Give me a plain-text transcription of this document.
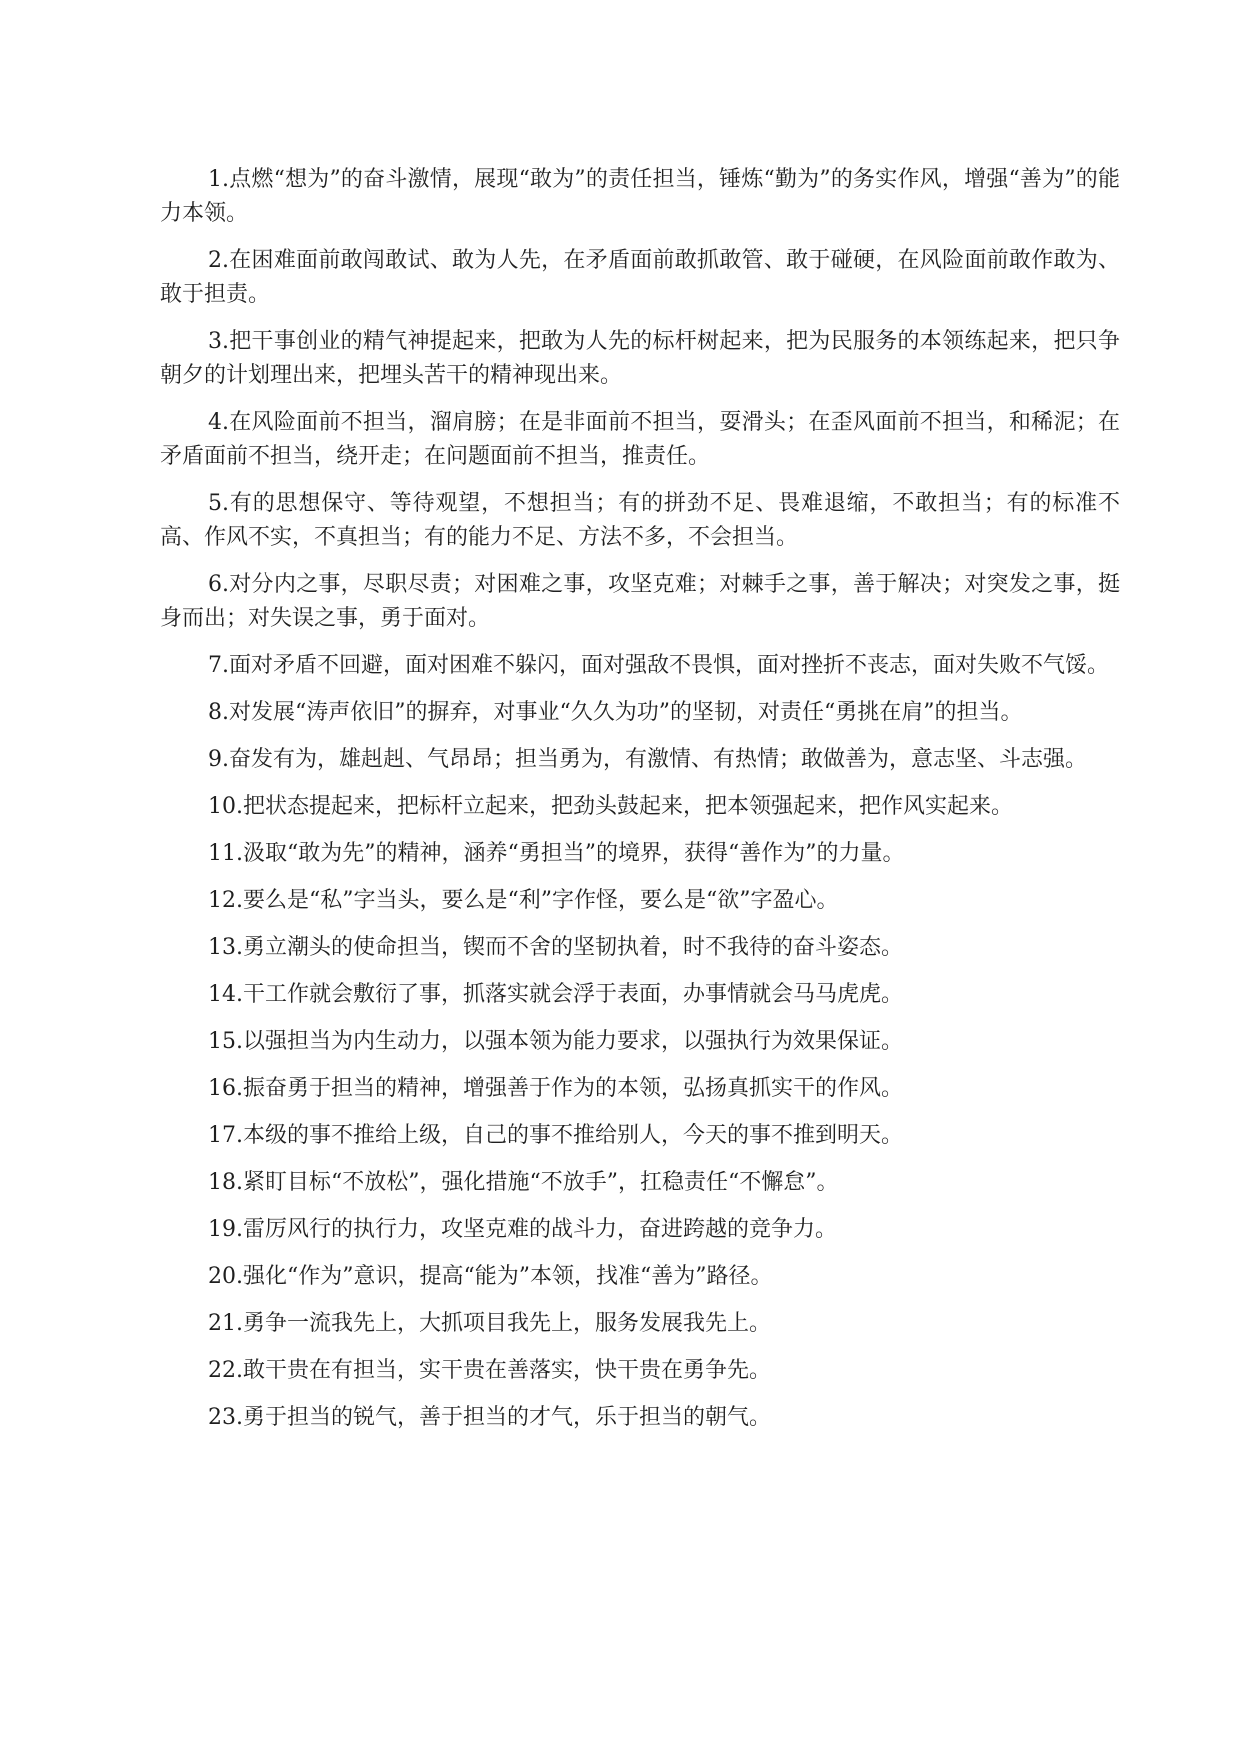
1.点燃“想为”的奋斗激情，展现“敢为”的责任担当，锤炼“勤为”的务实作风，增强“善为”的能力本领。

2.在困难面前敢闯敢试、敢为人先，在矛盾面前敢抓敢管、敢于碰硬，在风险面前敢作敢为、敢于担责。

3.把干事创业的精气神提起来，把敢为人先的标杆树起来，把为民服务的本领练起来，把只争朝夕的计划理出来，把埋头苦干的精神现出来。

4.在风险面前不担当，溜肩膀；在是非面前不担当，耍滑头；在歪风面前不担当，和稀泥；在矛盾面前不担当，绕开走；在问题面前不担当，推责任。

5.有的思想保守、等待观望，不想担当；有的拼劲不足、畏难退缩，不敢担当；有的标准不高、作风不实，不真担当；有的能力不足、方法不多，不会担当。

6.对分内之事，尽职尽责；对困难之事，攻坚克难；对棘手之事，善于解决；对突发之事，挺身而出；对失误之事，勇于面对。

7.面对矛盾不回避，面对困难不躲闪，面对强敌不畏惧，面对挫折不丧志，面对失败不气馁。

8.对发展“涛声依旧”的摒弃，对事业“久久为功”的坚韧，对责任“勇挑在肩”的担当。

9.奋发有为，雄赳赳、气昂昂；担当勇为，有激情、有热情；敢做善为，意志坚、斗志强。

10.把状态提起来，把标杆立起来，把劲头鼓起来，把本领强起来，把作风实起来。

11.汲取“敢为先”的精神，涵养“勇担当”的境界，获得“善作为”的力量。

12.要么是“私”字当头，要么是“利”字作怪，要么是“欲”字盈心。

13.勇立潮头的使命担当，锲而不舍的坚韧执着，时不我待的奋斗姿态。

14.干工作就会敷衍了事，抓落实就会浮于表面，办事情就会马马虎虎。

15.以强担当为内生动力，以强本领为能力要求，以强执行为效果保证。

16.振奋勇于担当的精神，增强善于作为的本领，弘扬真抓实干的作风。

17.本级的事不推给上级，自己的事不推给别人，今天的事不推到明天。

18.紧盯目标“不放松”，强化措施“不放手”，扛稳责任“不懈怠”。

19.雷厉风行的执行力，攻坚克难的战斗力，奋进跨越的竞争力。

20.强化“作为”意识，提高“能为”本领，找准“善为”路径。

21.勇争一流我先上，大抓项目我先上，服务发展我先上。

22.敢干贵在有担当，实干贵在善落实，快干贵在勇争先。

23.勇于担当的锐气，善于担当的才气，乐于担当的朝气。
